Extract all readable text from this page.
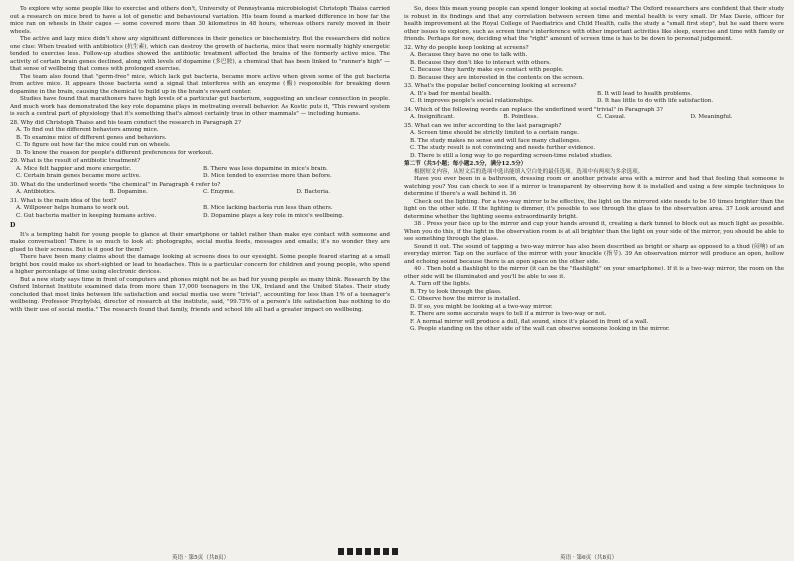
To explore why some people like to exercise and others don't, University of Pennsylvania microbiologist Christoph Thaiss carried out a research on mice bred to have a lot of genetic and behavioural variation. His team found a marked difference in how far the mice ran on wheels in their cages — some covered more than 30 kilometres in 48 hours, whereas others rarely moved in their wheels.

The active and lazy mice didn't show any significant differences in their genetics or biochemistry. But the researchers did notice one clue: When treated with antibiotics (抗生素), which can destroy the growth of bacteria, mice that were normally highly energetic tended to exercise less. Follow-up studies showed the antibiotic treatment affected the brains of the formerly active mice. The activity of certain brain genes declined, along with levels of dopamine (多巴胺), a chemical that has been linked to "runner's high" — that sense of wellbeing that comes with prolonged exercise.

The team also found that "germ-free" mice, which lack gut bacteria, became more active when given some of the gut bacteria from active mice. It appears those bacteria send a signal that interferes with an enzyme (酶) responsible for breaking down dopamine in the brain, causing the chemical to build up in the brain's reward center.

Studies have found that marathoners have high levels of a particular gut bacterium, suggesting an unclear connection in people. And much work has demonstrated the key role dopamine plays in motivating overall behavior. As Kostic puts it, "This reward system is such a central part of physiology that it's something that's almost certainly true in other mammals" — including humans.

28. Why did Christoph Thaiss and his team conduct the research in Paragraph 2?

A. To find out the different behaviors among mice.

B. To examine mice of different genes and behaviors.

C. To figure out how far the mice could run on wheels.

D. To know the reason for people's different preferences for workout.

29. What is the result of antibiotic treatment?

A. Mice felt happier and more energetic.	B. There was less dopamine in mice's brain.
C. Certain brain genes became more active.	D. Mice tended to exercise more than before.

30. What do the underlined words "the chemical" in Paragraph 4 refer to?

A. Antibiotics.	B. Dopamine.	C. Enzyme.	D. Bacteria.

31. What is the main idea of the text?

A. Willpower helps humans to work out.	B. Mice lacking bacteria run less than others.
C. Gut bacteria matter in keeping humans active.	D. Dopamine plays a key role in mice's wellbeing.

D

It's a tempting habit for young people to glance at their smartphone or tablet rather than make eye contact with someone and make conversation! There is so much to look at: photographs, social media feeds, messages and emails; it's no wonder they are glued to their screens. But is it good for them?

There have been many claims about the damage looking at screens does to our eyesight. Some people feared staring at a small bright box could make us short-sighted or lead to headaches. This is a particular concern for children and young people, who spend a higher percentage of time using electronic devices.

But a new study says time in front of computers and phones might not be as bad for young people as many think. Research by the Oxford Internet Institute examined data from more than 17,000 teenagers in the UK, Ireland and the United States. Their study concluded that most links between life satisfaction and social media use were "trivial", accounting for less than 1% of a teenager's wellbeing. Professor Przybylski, director of research at the institute, said, "99.75% of a person's life satisfaction has nothing to do with their use of social media." The research found that family, friends and school life all had a greater impact on wellbeing.

So, does this mean young people can spend longer looking at social media? The Oxford researchers are confident that their study is robust in its findings and that any correlation between screen time and mental health is very small. Dr Max Davie, officer for health improvement at the Royal College of Paediatrics and Child Health, calls the study a "small first step", but he said there were other issues to explore, such as screen time's interference with other important activities like sleep, exercise and time with family or friends. Perhaps for now, deciding what the "right" amount of screen time is has to be down to personal judgement.

32. Why do people keep looking at screens?

A. Because they have no one to talk with.

B. Because they don't like to interact with others.

C. Because they hardly make eye contact with people.

D. Because they are interested in the contents on the screen.

33. What's the popular belief concerning looking at screens?

A. It's bad for mental health.	B. It will lead to health problems.
C. It improves people's social relationships.	D. It has little to do with life satisfaction.

34. Which of the following words can replace the underlined word "trivial" in Paragraph 3?

A. Insignificant.	B. Pointless.	C. Casual.	D. Meaningful.

35. What can we infer according to the last paragraph?

A. Screen time should be strictly limited to a certain range.

B. The study makes no sense and will face many challenges.

C. The study result is not convincing and needs further evidence.

D. There is still a long way to go regarding screen-time related studies.

第二节（共5小题；每小题2.5分，满分12.5分）

根据短文内容，从短文后的选项中选出能填入空白处的最佳选项。选项中有两项为多余选项。

Have you ever been in a bathroom, dressing room or another private area with a mirror and had that feeling that someone is watching you? You can check to see if a mirror is transparent by observing how it is installed and using a few simple techniques to determine if there's a wall behind it. 36

Check out the lighting. For a two-way mirror to be effective, the light on the mirrored side needs to be 10 times brighter than the light on the other side. If the lighting is dimmer, it's possible to see through the glass to the observation area. 37 Look around and determine whether the lighting seems extraordinarily bright.

38 . Press your face up to the mirror and cup your hands around it, creating a dark tunnel to block out as much light as possible. When you do this, if the light in the observation room is at all brighter than the light on your side of the mirror, you should be able to see something through the glass.

Sound it out. The sound of tapping a two-way mirror has also been described as bright or sharp as opposed to a thud (闷响) of an everyday mirror. Tap on the surface of the mirror with your knuckle (指节). 39 An observation mirror will produce an open, hollow and echoing sound because there is an open space on the other side.

40 . Then hold a flashlight to the mirror (it can be the "flashlight" on your smartphone). If it is a two-way mirror, the room on the other side will be illuminated and you'll be able to see it.

A. Turn off the lights.

B. Try to look through the glass.

C. Observe how the mirror is installed.

D. If so, you might be looking at a two-way mirror.

E. There are some accurate ways to tell if a mirror is two-way or not.

F. A normal mirror will produce a dull, flat sound, since it's placed in front of a wall.

G. People standing on the other side of the wall can observe someone looking in the mirror.

英语 · 第5页（共8页）	英语 · 第6页（共8页）
